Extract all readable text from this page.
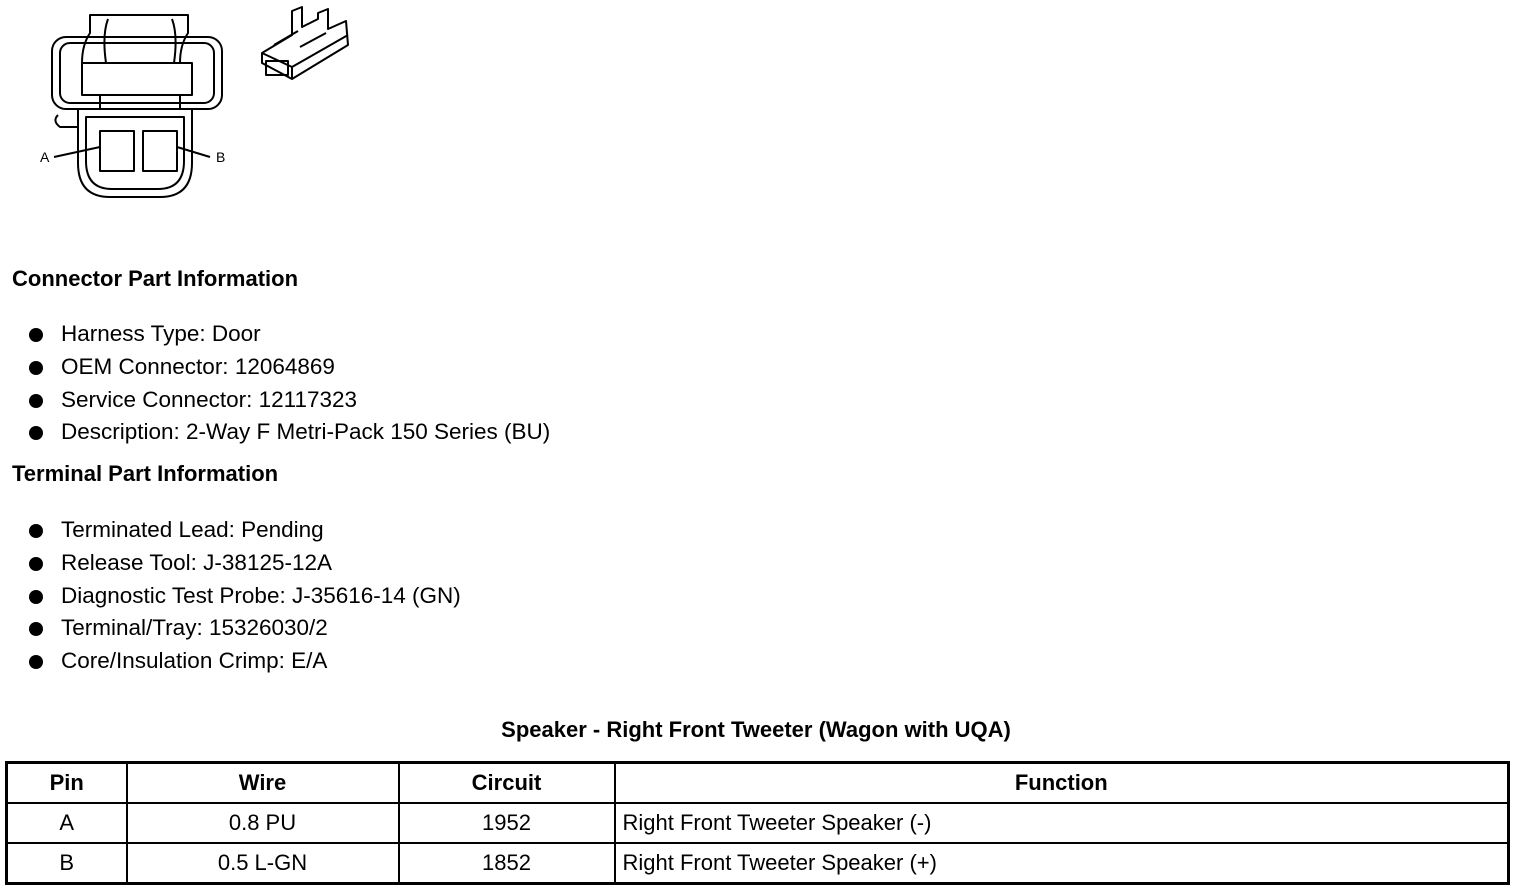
A	B
Connector Part Information
Harness Type: Door
OEM Connector: 12064869
Service Connector: 12117323
Description: 2-Way F Metri-Pack 150 Series (BU)
Terminal Part Information
Terminated Lead: Pending
Release Tool: J-38125-12A
Diagnostic Test Probe: J-35616-14 (GN)
Terminal/Tray: 15326030/2
Core/Insulation Crimp: E/A
Speaker - Right Front Tweeter (Wagon with UQA)
Pin	Wire	Circuit	Function
A	0.8 PU	1952	Right Front Tweeter Speaker (-)
B	0.5 L-GN	1852	Right Front Tweeter Speaker (+)
